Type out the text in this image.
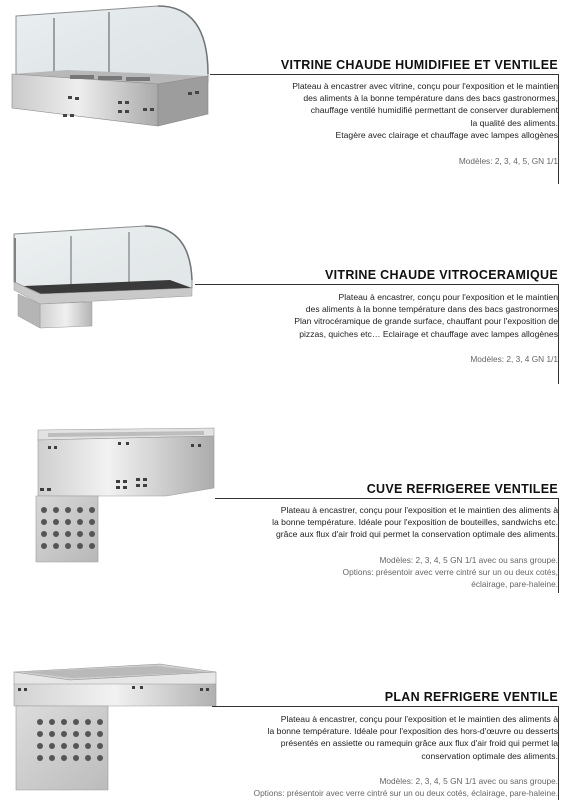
VITRINE CHAUDE HUMIDIFIEE ET VENTILEE
Plateau à encastrer avec vitrine, conçu pour l'exposition et le maintien
des aliments à la bonne température dans des bacs gastronormes,
chauffage ventilé humidifié permettant de conserver durablement
la qualité des aliments.
Etagère avec clairage et chauffage avec lampes allogènes
Modèles: 2, 3, 4, 5, GN 1/1
VITRINE CHAUDE VITROCERAMIQUE
Plateau à encastrer, conçu pour l'exposition et le maintien
des aliments à la bonne température dans des bacs gastronormes
Plan vitrocéramique de grande surface, chauffant pour l'exposition de
pizzas, quiches etc… Eclairage et chauffage avec lampes allogènes
Modèles: 2, 3, 4 GN 1/1
CUVE REFRIGEREE VENTILEE
Plateau à encastrer, conçu pour l'exposition et le maintien des aliments à
la bonne température. Idéale pour l'exposition de bouteilles, sandwichs etc.
grâce aux flux d'air froid qui permet la conservation optimale des aliments.
Modèles: 2, 3, 4, 5 GN 1/1 avec ou sans groupe.
Options: présentoir avec verre cintré sur un ou deux cotés,
éclairage, pare-haleine.
PLAN REFRIGERE VENTILE
Plateau à encastrer, conçu pour l'exposition et le maintien des aliments à
la bonne température. Idéale pour l'exposition des hors-d'œuvre ou desserts
présentés en assiette ou ramequin grâce aux flux d'air froid qui permet la
conservation optimale des aliments.
Modèles: 2, 3, 4, 5 GN 1/1 avec ou sans groupe.
Options: présentoir avec verre cintré sur un ou deux cotés, éclairage, pare-haleine.
